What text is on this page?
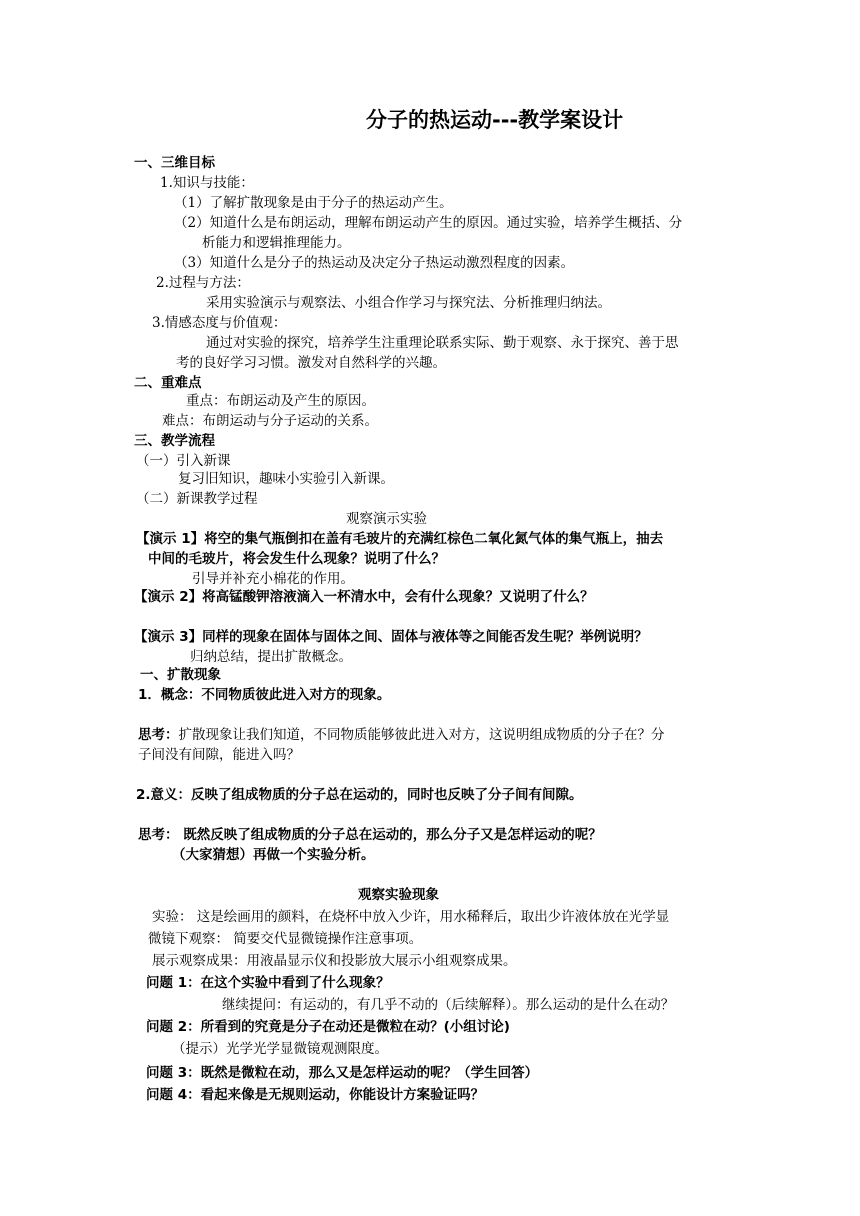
分子的热运动---教学案设计
一、三维目标
1.知识与技能：
（1）了解扩散现象是由于分子的热运动产生。
（2）知道什么是布朗运动，理解布朗运动产生的原因。通过实验，培养学生概括、分
析能力和逻辑推理能力。
（3）知道什么是分子的热运动及决定分子热运动激烈程度的因素。
2.过程与方法：
采用实验演示与观察法、小组合作学习与探究法、分析推理归纳法。
3.情感态度与价值观：
通过对实验的探究，培养学生注重理论联系实际、勤于观察、永于探究、善于思
考的良好学习习惯。激发对自然科学的兴趣。
二、重难点
重点：布朗运动及产生的原因。
难点：布朗运动与分子运动的关系。
三、教学流程
（一）引入新课
复习旧知识，趣味小实验引入新课。
（二）新课教学过程
观察演示实验
【演示 1】将空的集气瓶倒扣在盖有毛玻片的充满红棕色二氧化氮气体的集气瓶上，抽去
中间的毛玻片，将会发生什么现象？说明了什么？
引导并补充小棉花的作用。
【演示 2】将高锰酸钾溶液滴入一杯清水中，会有什么现象？又说明了什么？
【演示 3】同样的现象在固体与固体之间、固体与液体等之间能否发生呢？举例说明？
归纳总结，提出扩散概念。
一、扩散现象
1．概念：不同物质彼此进入对方的现象。
思考：扩散现象让我们知道，不同物质能够彼此进入对方，这说明组成物质的分子在？分
子间没有间隙，能进入吗？
2.意义：反映了组成物质的分子总在运动的，同时也反映了分子间有间隙。
思考： 既然反映了组成物质的分子总在运动的，那么分子又是怎样运动的呢？
（大家猜想）再做一个实验分析。
观察实验现象
实验： 这是绘画用的颜料，在烧杯中放入少许，用水稀释后，取出少许液体放在光学显
微镜下观察： 简要交代显微镜操作注意事项。
展示观察成果：用液晶显示仪和投影放大展示小组观察成果。
问题 1：在这个实验中看到了什么现象？
继续提问：有运动的，有几乎不动的（后续解释）。那么运动的是什么在动？
问题 2：所看到的究竟是分子在动还是微粒在动？(小组讨论)
（提示）光学光学显微镜观测限度。
问题 3：既然是微粒在动，那么又是怎样运动的呢？（学生回答）
问题 4：看起来像是无规则运动，你能设计方案验证吗？
